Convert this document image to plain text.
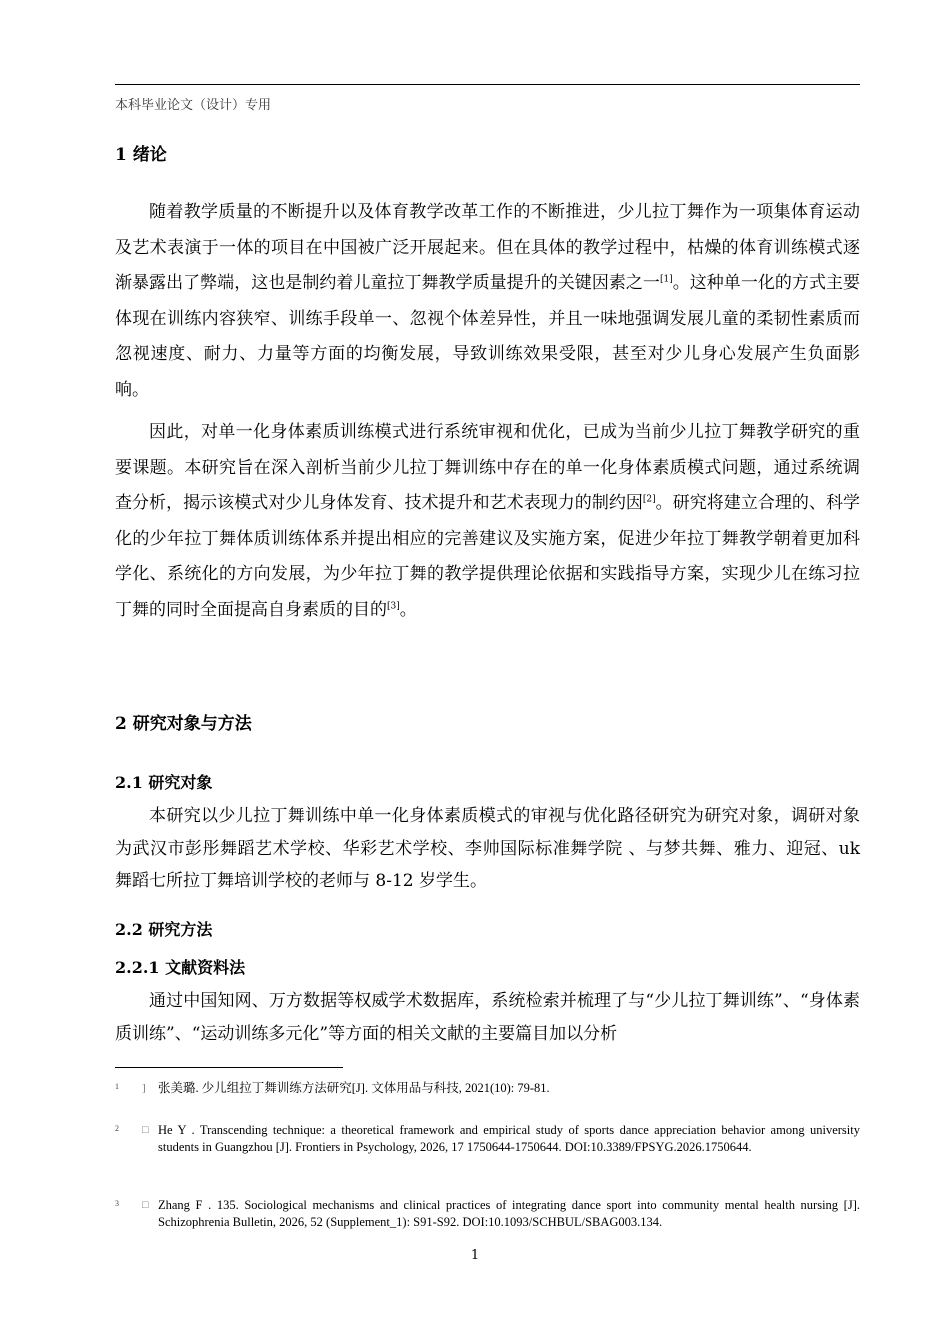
本科毕业论文（设计）专用
1 绪论
随着教学质量的不断提升以及体育教学改革工作的不断推进，少儿拉丁舞作为一项集体育运动及艺术表演于一体的项目在中国被广泛开展起来。但在具体的教学过程中，枯燥的体育训练模式逐渐暴露出了弊端，这也是制约着儿童拉丁舞教学质量提升的关键因素之一[1]。这种单一化的方式主要体现在训练内容狭窄、训练手段单一、忽视个体差异性，并且一味地强调发展儿童的柔韧性素质而忽视速度、耐力、力量等方面的均衡发展，导致训练效果受限，甚至对少儿身心发展产生负面影响。
因此，对单一化身体素质训练模式进行系统审视和优化，已成为当前少儿拉丁舞教学研究的重要课题。本研究旨在深入剖析当前少儿拉丁舞训练中存在的单一化身体素质模式问题，通过系统调查分析，揭示该模式对少儿身体发育、技术提升和艺术表现力的制约因[2]。研究将建立合理的、科学化的少年拉丁舞体质训练体系并提出相应的完善建议及实施方案，促进少年拉丁舞教学朝着更加科学化、系统化的方向发展，为少年拉丁舞的教学提供理论依据和实践指导方案，实现少儿在练习拉丁舞的同时全面提高自身素质的目的[3]。
2 研究对象与方法
2.1 研究对象
本研究以少儿拉丁舞训练中单一化身体素质模式的审视与优化路径研究为研究对象，调研对象为武汉市彭彤舞蹈艺术学校、华彩艺术学校、李帅国际标准舞学院 、与梦共舞、雅力、迎冠、uk 舞蹈七所拉丁舞培训学校的老师与 8-12 岁学生。
2.2 研究方法
2.2.1 文献资料法
通过中国知网、万方数据等权威学术数据库，系统检索并梳理了与“少儿拉丁舞训练”、“身体素质训练”、“运动训练多元化”等方面的相关文献的主要篇目加以分析
1 ] 张美璐. 少儿组拉丁舞训练方法研究[J]. 文体用品与科技, 2021(10): 79-81.
2 □ He Y . Transcending technique: a theoretical framework and empirical study of sports dance appreciation behavior among university students in Guangzhou [J]. Frontiers in Psychology, 2026, 17 1750644-1750644. DOI:10.3389/FPSYG.2026.1750644.
3 □ Zhang F . 135. Sociological mechanisms and clinical practices of integrating dance sport into community mental health nursing [J]. Schizophrenia Bulletin, 2026, 52 (Supplement_1): S91-S92. DOI:10.1093/SCHBUL/SBAG003.134.
1
